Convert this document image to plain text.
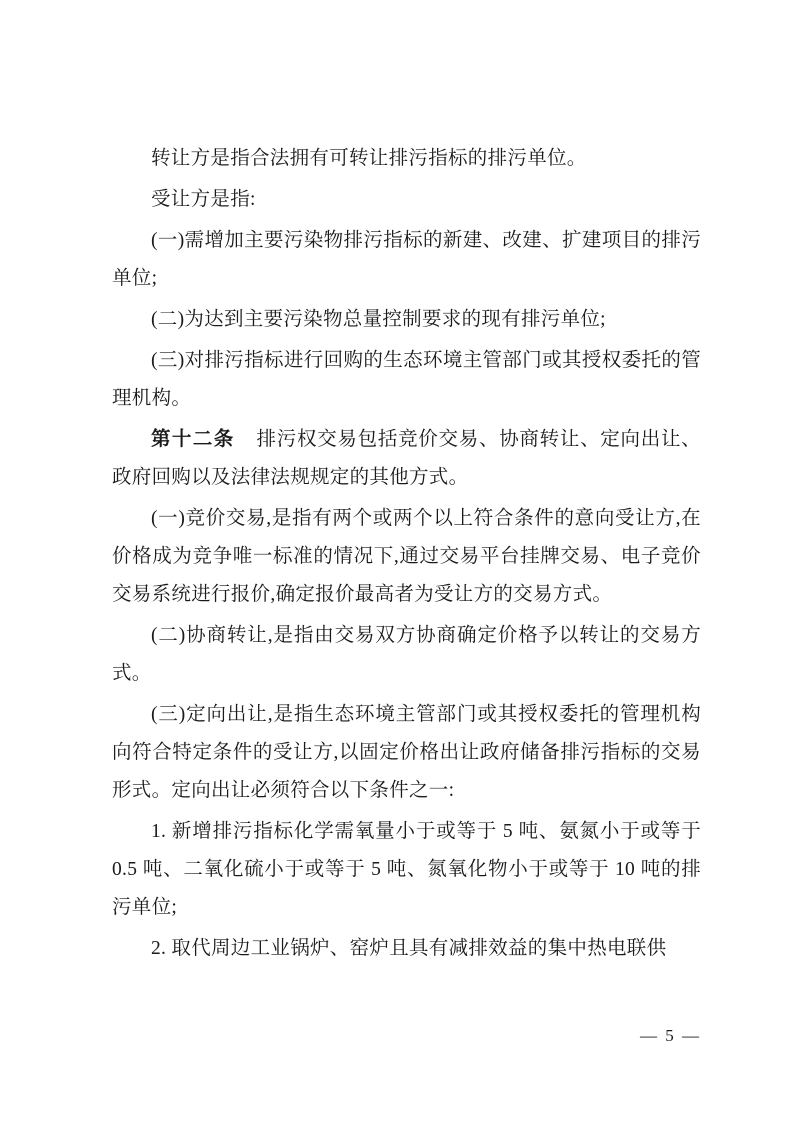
转让方是指合法拥有可转让排污指标的排污单位。

受让方是指:

(一)需增加主要污染物排污指标的新建、改建、扩建项目的排污单位;

(二)为达到主要污染物总量控制要求的现有排污单位;

(三)对排污指标进行回购的生态环境主管部门或其授权委托的管理机构。

第十二条 排污权交易包括竞价交易、协商转让、定向出让、政府回购以及法律法规规定的其他方式。

(一)竞价交易,是指有两个或两个以上符合条件的意向受让方,在价格成为竞争唯一标准的情况下,通过交易平台挂牌交易、电子竞价交易系统进行报价,确定报价最高者为受让方的交易方式。

(二)协商转让,是指由交易双方协商确定价格予以转让的交易方式。

(三)定向出让,是指生态环境主管部门或其授权委托的管理机构向符合特定条件的受让方,以固定价格出让政府储备排污指标的交易形式。定向出让必须符合以下条件之一:

1. 新增排污指标化学需氧量小于或等于 5 吨、氨氮小于或等于 0.5 吨、二氧化硫小于或等于 5 吨、氮氧化物小于或等于 10 吨的排污单位;

2. 取代周边工业锅炉、窑炉且具有减排效益的集中热电联供

— 5 —
